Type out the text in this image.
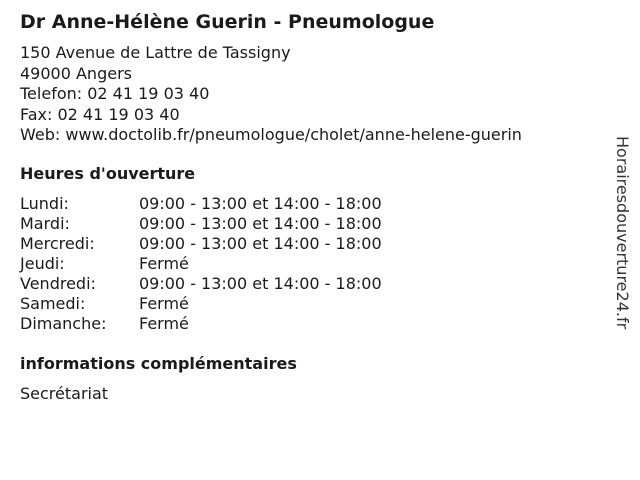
Dr Anne-Hélène Guerin - Pneumologue
150 Avenue de Lattre de Tassigny
49000 Angers
Telefon: 02 41 19 03 40
Fax: 02 41 19 03 40
Web: www.doctolib.fr/pneumologue/cholet/anne-helene-guerin
Heures d'ouverture
Lundi:	09:00 - 13:00 et 14:00 - 18:00
Mardi:	09:00 - 13:00 et 14:00 - 18:00
Mercredi:	09:00 - 13:00 et 14:00 - 18:00
Jeudi:	Fermé
Vendredi:	09:00 - 13:00 et 14:00 - 18:00
Samedi:	Fermé
Dimanche:	Fermé
informations complémentaires
Secrétariat
Horairesdouverture24.fr
